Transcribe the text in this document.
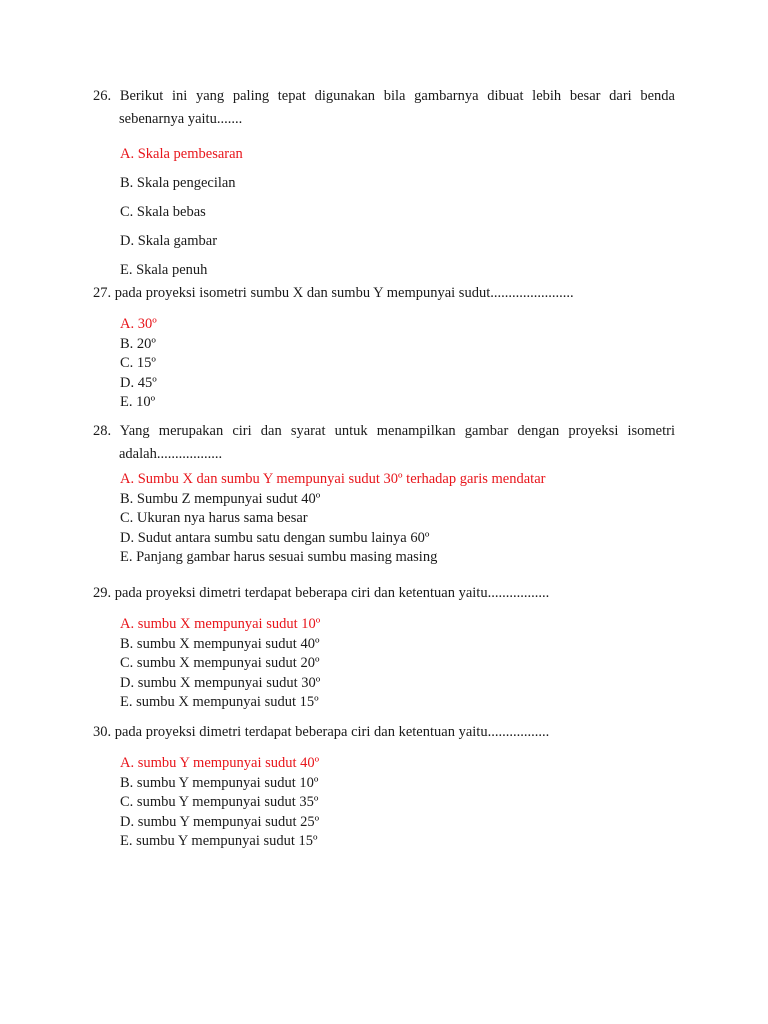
26. Berikut ini yang paling tepat digunakan bila gambarnya dibuat lebih besar dari benda sebenarnya yaitu.......

A. Skala pembesaran
B. Skala pengecilan
C. Skala bebas
D. Skala gambar
E. Skala penuh

27. pada proyeksi isometri sumbu X dan sumbu Y mempunyai sudut.......................

A. 30º
B. 20º
C. 15º
D. 45º
E. 10º

28. Yang merupakan ciri dan syarat untuk menampilkan gambar dengan proyeksi isometri adalah..................

A. Sumbu X dan sumbu Y mempunyai sudut 30º terhadap garis mendatar
B. Sumbu Z mempunyai sudut 40º
C. Ukuran nya harus sama besar
D. Sudut antara sumbu satu dengan sumbu lainya 60º
E. Panjang gambar harus sesuai sumbu masing masing

29. pada proyeksi dimetri terdapat beberapa ciri dan ketentuan yaitu.................

A. sumbu X mempunyai sudut 10º
B. sumbu X mempunyai sudut 40º
C. sumbu X mempunyai sudut 20º
D. sumbu X mempunyai sudut 30º
E. sumbu X mempunyai sudut 15º

30. pada proyeksi dimetri terdapat beberapa ciri dan ketentuan yaitu.................

A. sumbu Y mempunyai sudut 40º
B. sumbu Y mempunyai sudut 10º
C. sumbu Y mempunyai sudut 35º
D. sumbu Y mempunyai sudut 25º
E. sumbu Y mempunyai sudut 15º
